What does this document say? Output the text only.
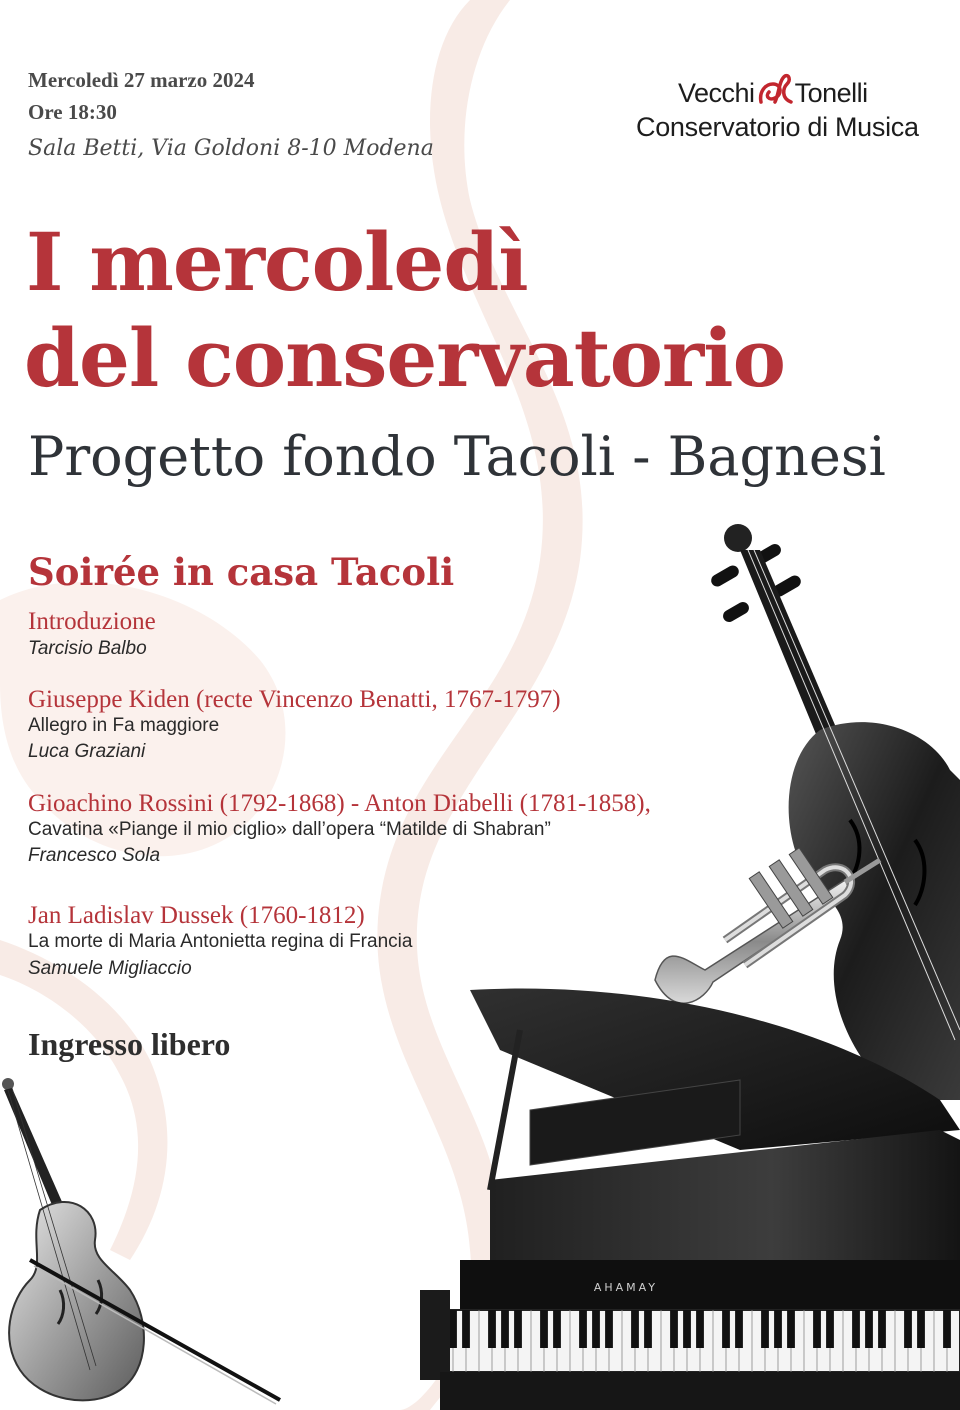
Mercoledì 27 marzo 2024
Ore 18:30
Sala Betti, Via Goldoni 8-10 Modena
Vecchi Tonelli
Conservatorio di Musica
I mercoledì
del conservatorio
Progetto fondo Tacoli - Bagnesi
Soirée in casa Tacoli
Introduzione
Tarcisio Balbo
Giuseppe Kiden (recte Vincenzo Benatti, 1767-1797)
Allegro in Fa maggiore
Luca Graziani
Gioachino Rossini (1792-1868) - Anton Diabelli (1781-1858),
Cavatina «Piange il mio ciglio» dall’opera “Matilde di Shabran”
Francesco Sola
Jan Ladislav Dussek (1760-1812)
La morte di Maria Antonietta regina di Francia
Samuele Migliaccio
Ingresso libero
YAMAHA
